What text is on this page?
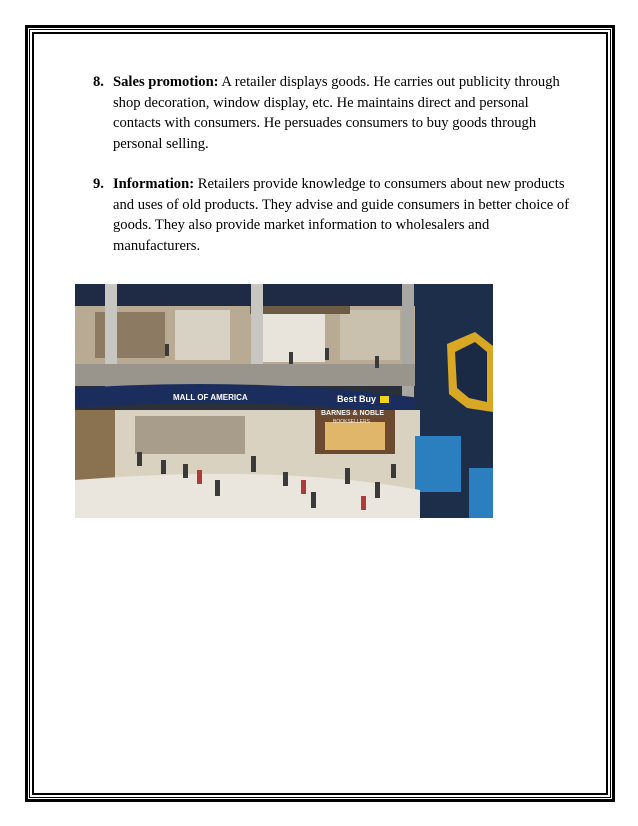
8. Sales promotion: A retailer displays goods. He carries out publicity through shop decoration, window display, etc. He maintains direct and personal contacts with consumers. He persuades consumers to buy goods through personal selling.
9. Information: Retailers provide knowledge to consumers about new products and uses of old products. They advise and guide consumers in better choice of goods. They also provide market information to wholesalers and manufacturers.
MALL OF AMERICA	Best Buy
BARNES & NOBLE
BOOKSELLERS
